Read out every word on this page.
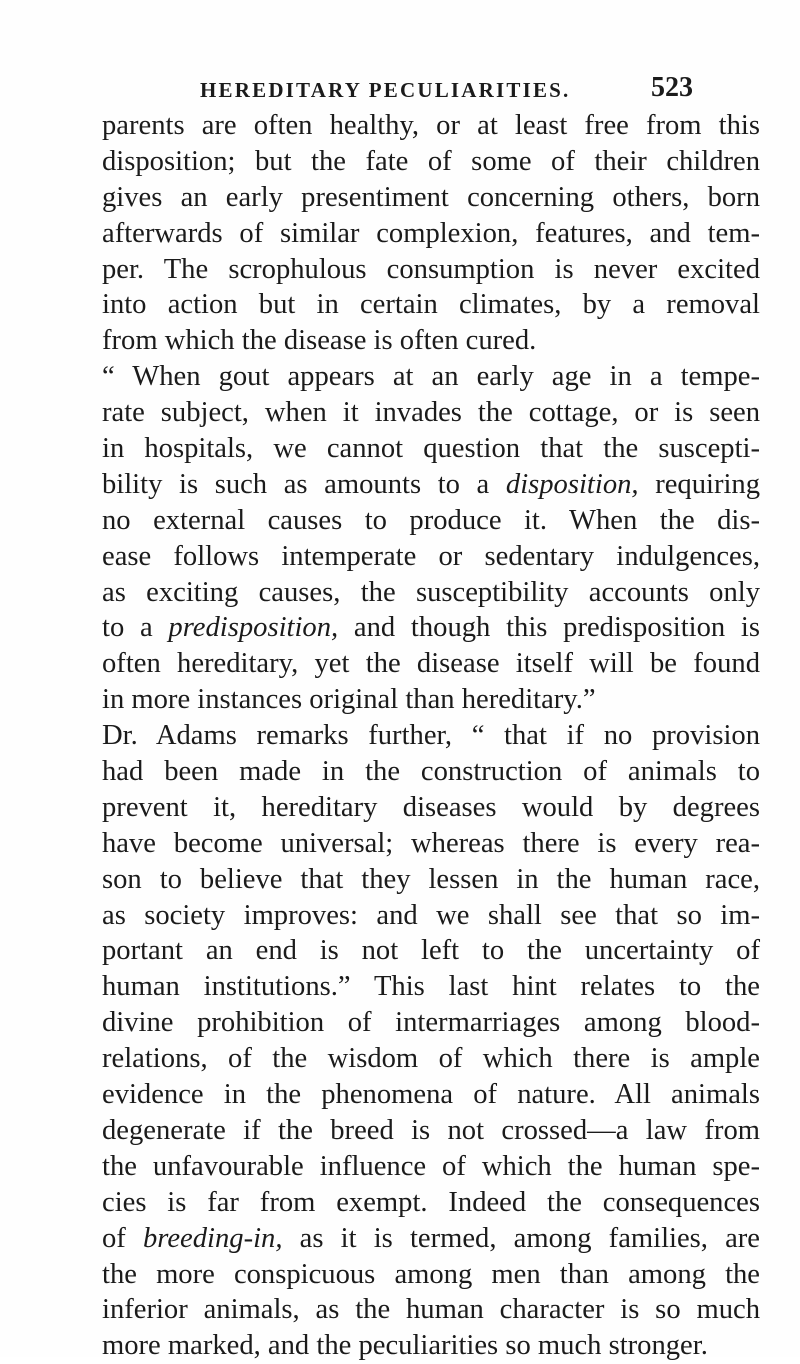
HEREDITARY PECULIARITIES.	523
parents are often healthy, or at least free from this
disposition; but the fate of some of their children
gives an early presentiment concerning others, born
afterwards of similar complexion, features, and tem-
per. The scrophulous consumption is never excited
into action but in certain climates, by a removal
from which the disease is often cured.
“ When gout appears at an early age in a tempe-
rate subject, when it invades the cottage, or is seen
in hospitals, we cannot question that the suscepti-
bility is such as amounts to a disposition, requiring
no external causes to produce it. When the dis-
ease follows intemperate or sedentary indulgences,
as exciting causes, the susceptibility accounts only
to a predisposition, and though this predisposition is
often hereditary, yet the disease itself will be found
in more instances original than hereditary.”
Dr. Adams remarks further, “ that if no provision
had been made in the construction of animals to
prevent it, hereditary diseases would by degrees
have become universal; whereas there is every rea-
son to believe that they lessen in the human race,
as society improves: and we shall see that so im-
portant an end is not left to the uncertainty of
human institutions.” This last hint relates to the
divine prohibition of intermarriages among blood-
relations, of the wisdom of which there is ample
evidence in the phenomena of nature. All animals
degenerate if the breed is not crossed—a law from
the unfavourable influence of which the human spe-
cies is far from exempt. Indeed the consequences
of breeding-in, as it is termed, among families, are
the more conspicuous among men than among the
inferior animals, as the human character is so much
more marked, and the peculiarities so much stronger.
